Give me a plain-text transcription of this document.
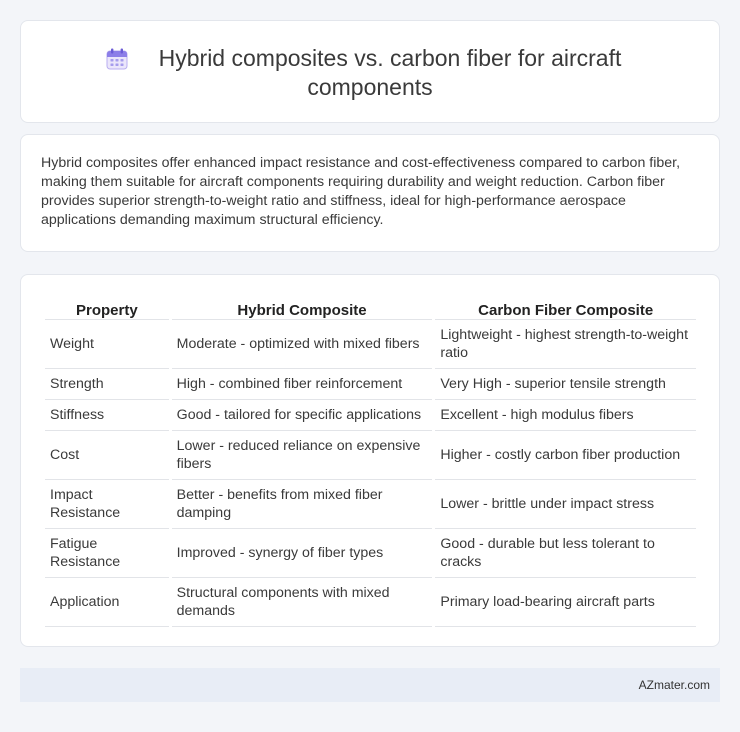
Hybrid composites vs. carbon fiber for aircraft
components

Hybrid composites offer enhanced impact resistance and cost-effectiveness compared to carbon fiber, making them suitable for aircraft components requiring durability and weight reduction. Carbon fiber provides superior strength-to-weight ratio and stiffness, ideal for high-performance aerospace applications demanding maximum structural efficiency.

Property	Hybrid Composite	Carbon Fiber Composite
Weight	Moderate - optimized with mixed fibers	Lightweight - highest strength-to-weight ratio
Strength	High - combined fiber reinforcement	Very High - superior tensile strength
Stiffness	Good - tailored for specific applications	Excellent - high modulus fibers
Cost	Lower - reduced reliance on expensive fibers	Higher - costly carbon fiber production
Impact Resistance	Better - benefits from mixed fiber damping	Lower - brittle under impact stress
Fatigue Resistance	Improved - synergy of fiber types	Good - durable but less tolerant to cracks
Application	Structural components with mixed demands	Primary load-bearing aircraft parts
AZmater.com
